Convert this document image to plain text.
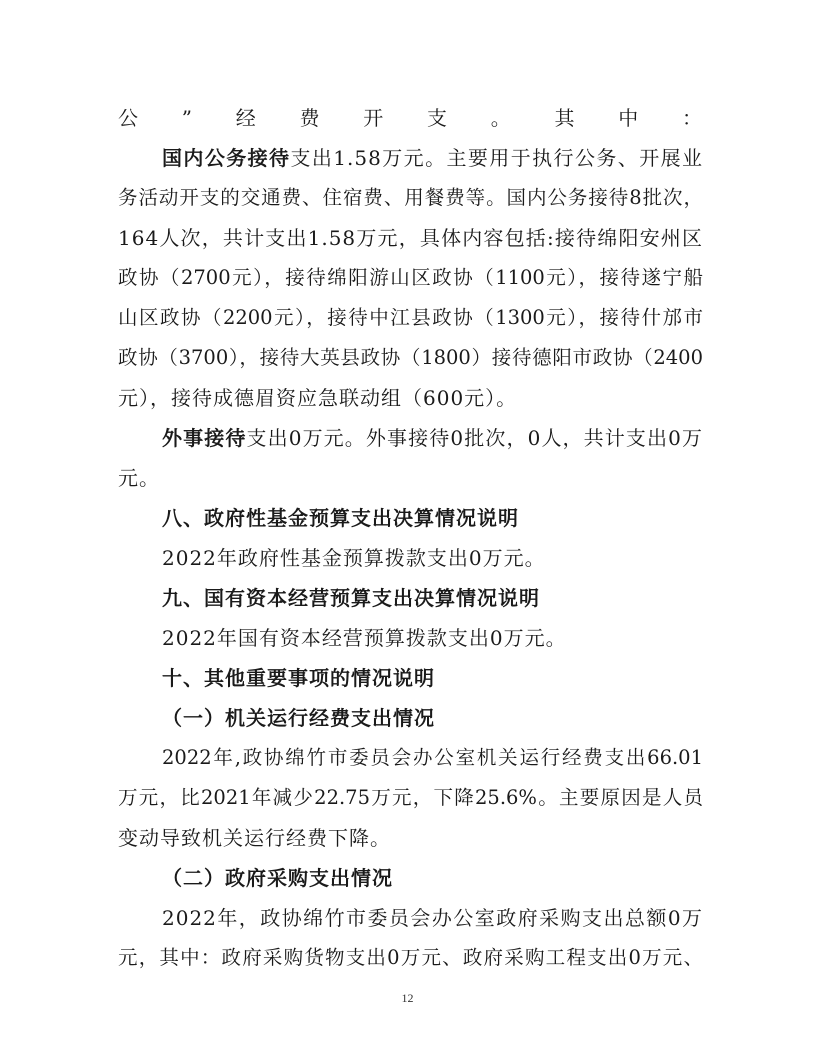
公”经费开支。其中：
国内公务接待支出1.58万元。主要用于执行公务、开展业
务活动开支的交通费、住宿费、用餐费等。国内公务接待8批次，
164人次，共计支出1.58万元，具体内容包括:接待绵阳安州区
政协（2700元），接待绵阳游山区政协（1100元），接待遂宁船
山区政协（2200元），接待中江县政协（1300元），接待什邡市
政协（3700），接待大英县政协（1800）接待德阳市政协（2400
元），接待成德眉资应急联动组（600元）。
外事接待支出0万元。外事接待0批次，0人，共计支出0万
元。
八、政府性基金预算支出决算情况说明
2022年政府性基金预算拨款支出0万元。
九、国有资本经营预算支出决算情况说明
2022年国有资本经营预算拨款支出0万元。
十、其他重要事项的情况说明
（一）机关运行经费支出情况
2022年,政协绵竹市委员会办公室机关运行经费支出66.01
万元，比2021年减少22.75万元，下降25.6%。主要原因是人员
变动导致机关运行经费下降。
（二）政府采购支出情况
2022年，政协绵竹市委员会办公室政府采购支出总额0万
元，其中：政府采购货物支出0万元、政府采购工程支出0万元、
12
